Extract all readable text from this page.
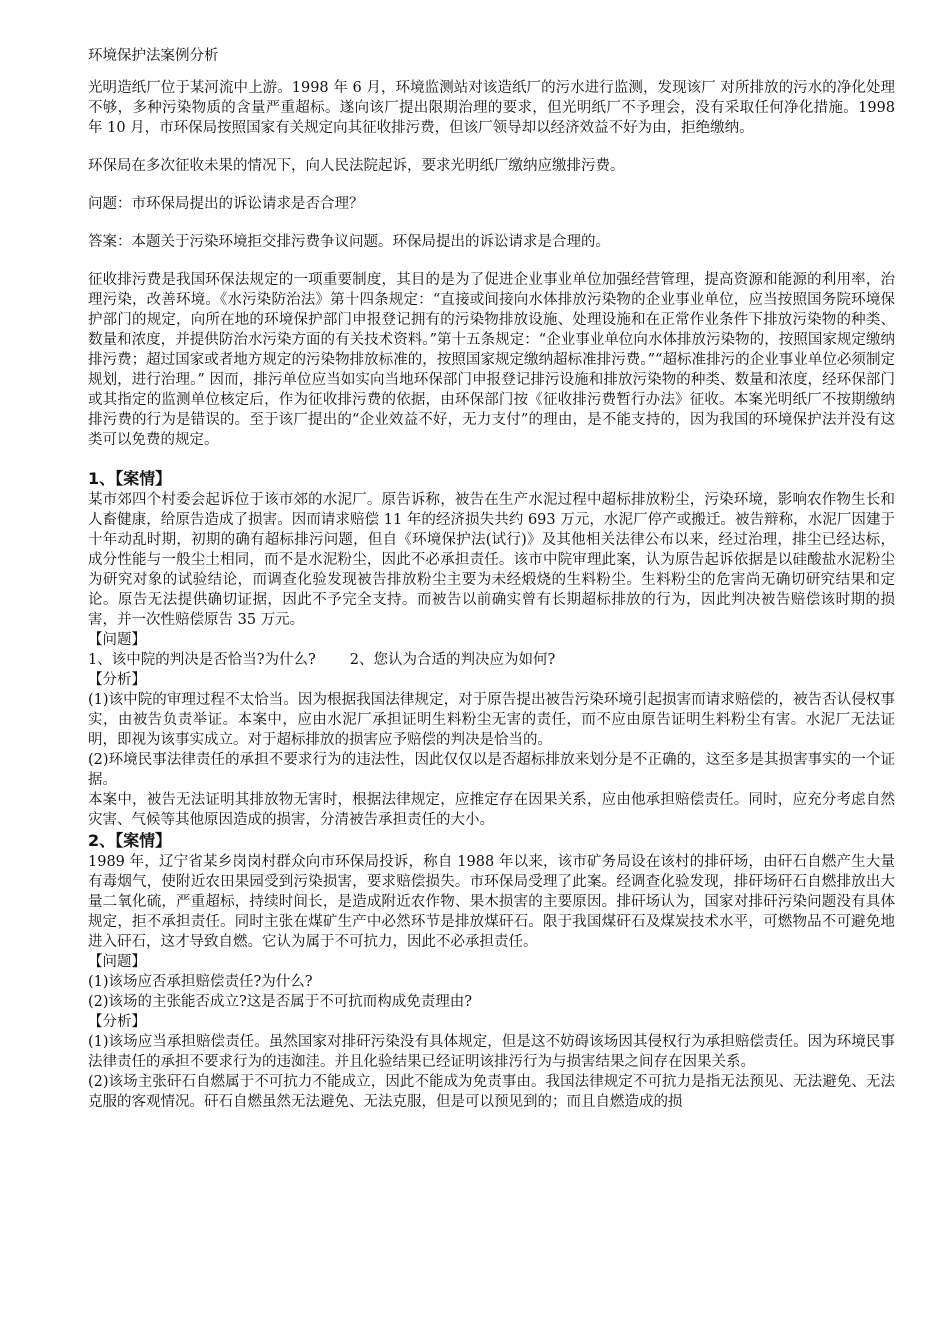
环境保护法案例分析

光明造纸厂位于某河流中上游。1998 年 6 月，环境监测站对该造纸厂的污水进行监测，发现该厂 对所排放的污水的净化处理不够，多种污染物质的含量严重超标。遂向该厂提出限期治理的要求，但光明纸厂不予理会，没有采取任何净化措施。1998 年 10 月，市环保局按照国家有关规定向其征收排污费，但该厂领导却以经济效益不好为由，拒绝缴纳。

环保局在多次征收未果的情况下，向人民法院起诉，要求光明纸厂缴纳应缴排污费。

问题：市环保局提出的诉讼请求是否合理？

答案：本题关于污染环境拒交排污费争议问题。环保局提出的诉讼请求是合理的。

征收排污费是我国环保法规定的一项重要制度，其目的是为了促进企业事业单位加强经营管理，提高资源和能源的利用率，治理污染，改善环境。《水污染防治法》第十四条规定：“直接或间接向水体排放污染物的企业事业单位，应当按照国务院环境保护部门的规定，向所在地的环境保护部门申报登记拥有的污染物排放设施、处理设施和在正常作业条件下排放污染物的种类、数量和浓度，并提供防治水污染方面的有关技术资料。”第十五条规定：“企业事业单位向水体排放污染物的，按照国家规定缴纳排污费；超过国家或者地方规定的污染物排放标准的，按照国家规定缴纳超标准排污费。”“超标准排污的企业事业单位必须制定规划，进行治理。” 因而，排污单位应当如实向当地环保部门申报登记排污设施和排放污染物的种类、数量和浓度，经环保部门或其指定的监测单位核定后，作为征收排污费的依据，由环保部门按《征收排污费暂行办法》征收。本案光明纸厂不按期缴纳排污费的行为是错误的。至于该厂提出的“企业效益不好，无力支付”的理由，是不能支持的，因为我国的环境保护法并没有这类可以免费的规定。

1、【案情】

某市郊四个村委会起诉位于该市郊的水泥厂。原告诉称，被告在生产水泥过程中超标排放粉尘，污染环境，影响农作物生长和人畜健康，给原告造成了损害。因而请求赔偿 11 年的经济损失共约 693 万元，水泥厂停产或搬迁。被告辩称，水泥厂因建于十年动乱时期，初期的确有超标排污问题，但自《环境保护法(试行)》及其他相关法律公布以来，经过治理，排尘已经达标，成分性能与一般尘土相同，而不是水泥粉尘，因此不必承担责任。该市中院审理此案，认为原告起诉依据是以硅酸盐水泥粉尘为研究对象的试验结论，而调查化验发现被告排放粉尘主要为未经煅烧的生料粉尘。生料粉尘的危害尚无确切研究结果和定论。原告无法提供确切证据，因此不予完全支持。而被告以前确实曾有长期超标排放的行为，因此判决被告赔偿该时期的损害，并一次性赔偿原告 35 万元。

【问题】

1、该中院的判决是否恰当?为什么? 2、您认为合适的判决应为如何?

【分析】

(1)该中院的审理过程不太恰当。因为根据我国法律规定，对于原告提出被告污染环境引起损害而请求赔偿的，被告否认侵权事实，由被告负责举证。本案中，应由水泥厂承担证明生料粉尘无害的责任，而不应由原告证明生料粉尘有害。水泥厂无法证明，即视为该事实成立。对于超标排放的损害应予赔偿的判决是恰当的。

(2)环境民事法律责任的承担不要求行为的违法性，因此仅仅以是否超标排放来划分是不正确的，这至多是其损害事实的一个证据。

本案中，被告无法证明其排放物无害时，根据法律规定，应推定存在因果关系，应由他承担赔偿责任。同时，应充分考虑自然灾害、气候等其他原因造成的损害，分清被告承担责任的大小。

2、【案情】

1989 年，辽宁省某乡岗岗村群众向市环保局投诉，称自 1988 年以来，该市矿务局设在该村的排矸场，由矸石自燃产生大量有毒烟气，使附近农田果园受到污染损害，要求赔偿损失。市环保局受理了此案。经调查化验发现，排矸场矸石自燃排放出大量二氧化硫，严重超标，持续时间长，是造成附近农作物、果木损害的主要原因。排矸场认为，国家对排矸污染问题没有具体规定，拒不承担责任。同时主张在煤矿生产中必然环节是排放煤矸石。限于我国煤矸石及煤炭技术水平，可燃物品不可避免地进入矸石，这才导致自燃。它认为属于不可抗力，因此不必承担责任。

【问题】

(1)该场应否承担赔偿责任?为什么?

(2)该场的主张能否成立?这是否属于不可抗而构成免责理由?

【分析】

(1)该场应当承担赔偿责任。虽然国家对排矸污染没有具体规定，但是这不妨碍该场因其侵权行为承担赔偿责任。因为环境民事法律责任的承担不要求行为的违洳洼。并且化验结果已经证明该排汚行为与损害结果之间存在因果关系。

(2)该场主张矸石自燃属于不可抗力不能成立，因此不能成为免责事由。我国法律规定不可抗力是指无法预见、无法避免、无法克服的客观情况。矸石自燃虽然无法避免、无法克服，但是可以预见到的；而且自燃造成的损
